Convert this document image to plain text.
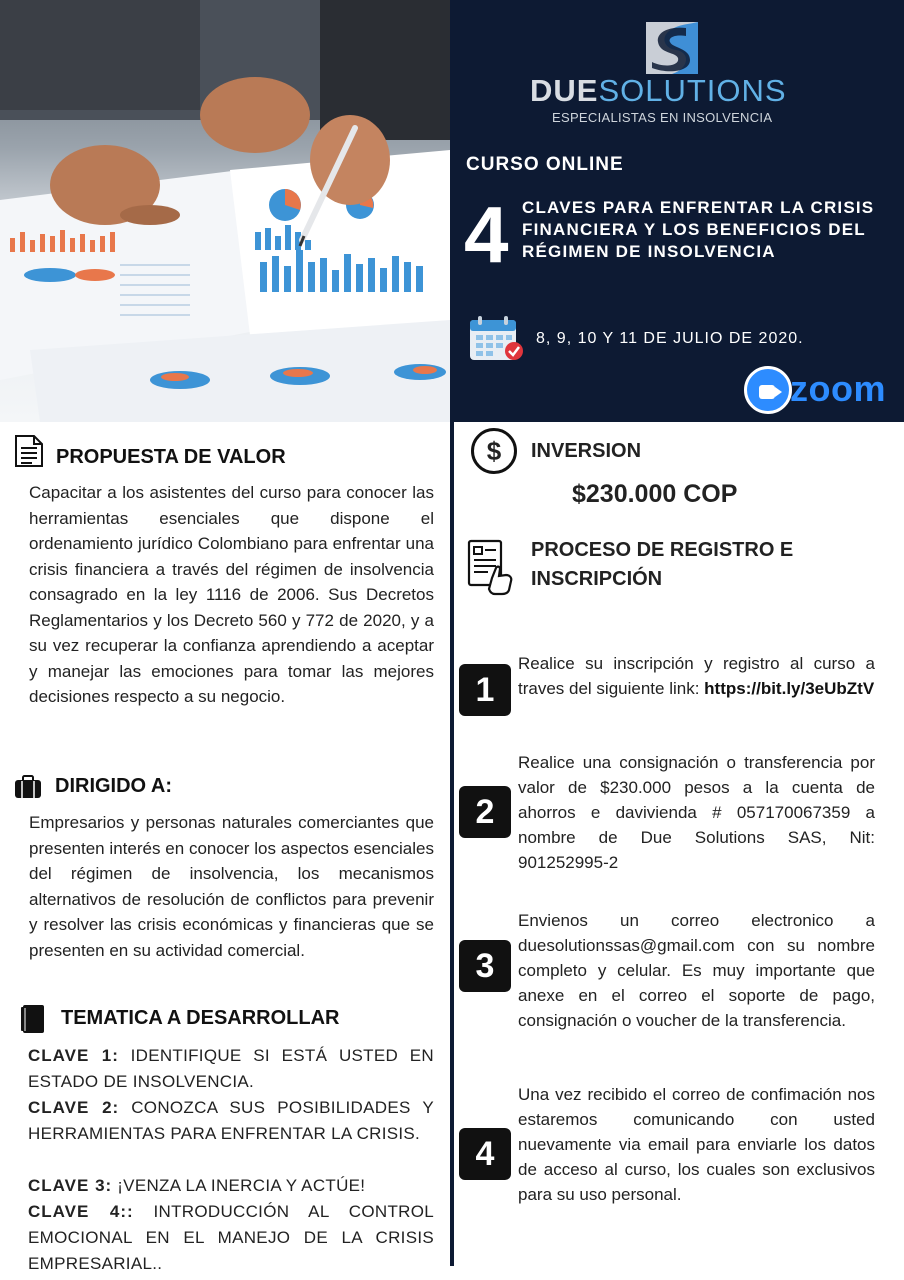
DUESOLUTIONS
ESPECIALISTAS EN INSOLVENCIA
CURSO ONLINE
4 CLAVES PARA ENFRENTAR LA CRISIS FINANCIERA Y LOS BENEFICIOS DEL RÉGIMEN DE INSOLVENCIA
8, 9, 10 Y 11 DE JULIO DE 2020.
zoom
PROPUESTA DE VALOR
Capacitar a los asistentes del curso para conocer las herramientas esenciales que dispone el ordenamiento jurídico Colombiano para enfrentar una crisis financiera a través del régimen de insolvencia consagrado en la ley 1116 de 2006. Sus Decretos Reglamentarios y los Decreto 560 y 772 de 2020, y a su vez recuperar la confianza aprendiendo a aceptar y manejar las emociones para tomar las mejores decisiones respecto a su negocio.
DIRIGIDO A:
Empresarios y personas naturales comerciantes que presenten interés en conocer los aspectos esenciales del régimen de insolvencia, los mecanismos alternativos de resolución de conflictos para prevenir y resolver las crisis económicas y financieras que se presenten en su actividad comercial.
TEMATICA A DESARROLLAR
CLAVE 1: IDENTIFIQUE SI ESTÁ USTED EN ESTADO DE INSOLVENCIA.
CLAVE 2: CONOZCA SUS POSIBILIDADES Y HERRAMIENTAS PARA ENFRENTAR LA CRISIS.
CLAVE 3: ¡VENZA LA INERCIA Y ACTÚE!
CLAVE 4:: INTRODUCCIÓN AL CONTROL EMOCIONAL EN EL MANEJO DE LA CRISIS EMPRESARIAL..
$	INVERSION
$230.000 COP
PROCESO DE REGISTRO E INSCRIPCIÓN
1
Realice su inscripción y registro al curso a traves del siguiente link: https://bit.ly/3eUbZtV
2
Realice una consignación o transferencia por valor de $230.000 pesos a la cuenta de ahorros e davivienda # 057170067359 a nombre de Due Solutions SAS, Nit: 901252995-2
3
Envienos un correo electronico a duesolutionssas@gmail.com con su nombre completo y celular. Es muy importante que anexe en el correo el soporte de pago, consignación o voucher de la transferencia.
4
Una vez recibido el correo de confimación nos estaremos comunicando con usted nuevamente via email para enviarle los datos de acceso al curso, los cuales son exclusivos para su uso personal.
